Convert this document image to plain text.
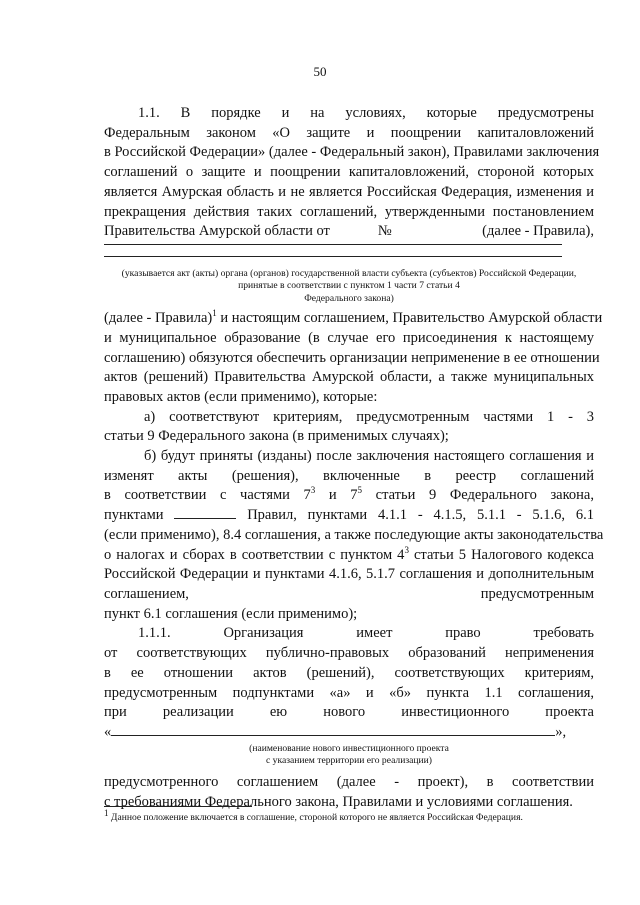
50

1.1. В порядке и на условиях, которые предусмотрены

Федеральным законом «О защите и поощрении капиталовложений

в Российской Федерации» (далее - Федеральный закон), Правилами заключения

соглашений о защите и поощрении капиталовложений, стороной которых

является Амурская область и не является Российская Федерация, изменения и

прекращения действия таких соглашений, утвержденными постановлением

Правительства Амурской области от	№	(далее - Правила),

(указывается акт (акты) органа (органов) государственной власти субъекта (субъектов) Российской Федерации,

принятые в соответствии с пунктом 1 части 7 статьи 4

Федерального закона)

(далее - Правила)$^1$ и настоящим соглашением, Правительство Амурской области

и муниципальное образование (в случае его присоединения к настоящему

соглашению) обязуются обеспечить организации неприменение в ее отношении

актов (решений) Правительства Амурской области, а также муниципальных

правовых актов (если применимо), которые:

а) соответствуют критериям, предусмотренным частями 1 - 3

статьи 9 Федерального закона (в применимых случаях);

б) будут приняты (изданы) после заключения настоящего соглашения и

изменят акты (решения), включенные в реестр соглашений

в соответствии с частями $7^3$ и $7^5$ статьи 9 Федерального закона,

пунктами	Правил, пунктами 4.1.1 - 4.1.5, 5.1.1 - 5.1.6, 6.1

(если применимо), 8.4 соглашения, а также последующие акты законодательства

о налогах и сборах в соответствии с пунктом $4^3$ статьи 5 Налогового кодекса

Российской Федерации и пунктами 4.1.6, 5.1.7 соглашения и дополнительным

соглашением, предусмотренным

пункт 6.1 соглашения (если применимо);

1.1.1. Организация имеет право требовать

от соответствующих публично-правовых образований неприменения

в ее отношении актов (решений), соответствующих критериям,

предусмотренным подпунктами «а» и «б» пункта 1.1 соглашения,

при реализации ею нового инвестиционного проекта

«	»,

(наименование нового инвестиционного проекта

с указанием территории его реализации)

предусмотренного соглашением (далее - проект), в соответствии

с требованиями Федерального закона, Правилами и условиями соглашения.

$^1$ Данное положение включается в соглашение, стороной которого не является Российская Федерация.
